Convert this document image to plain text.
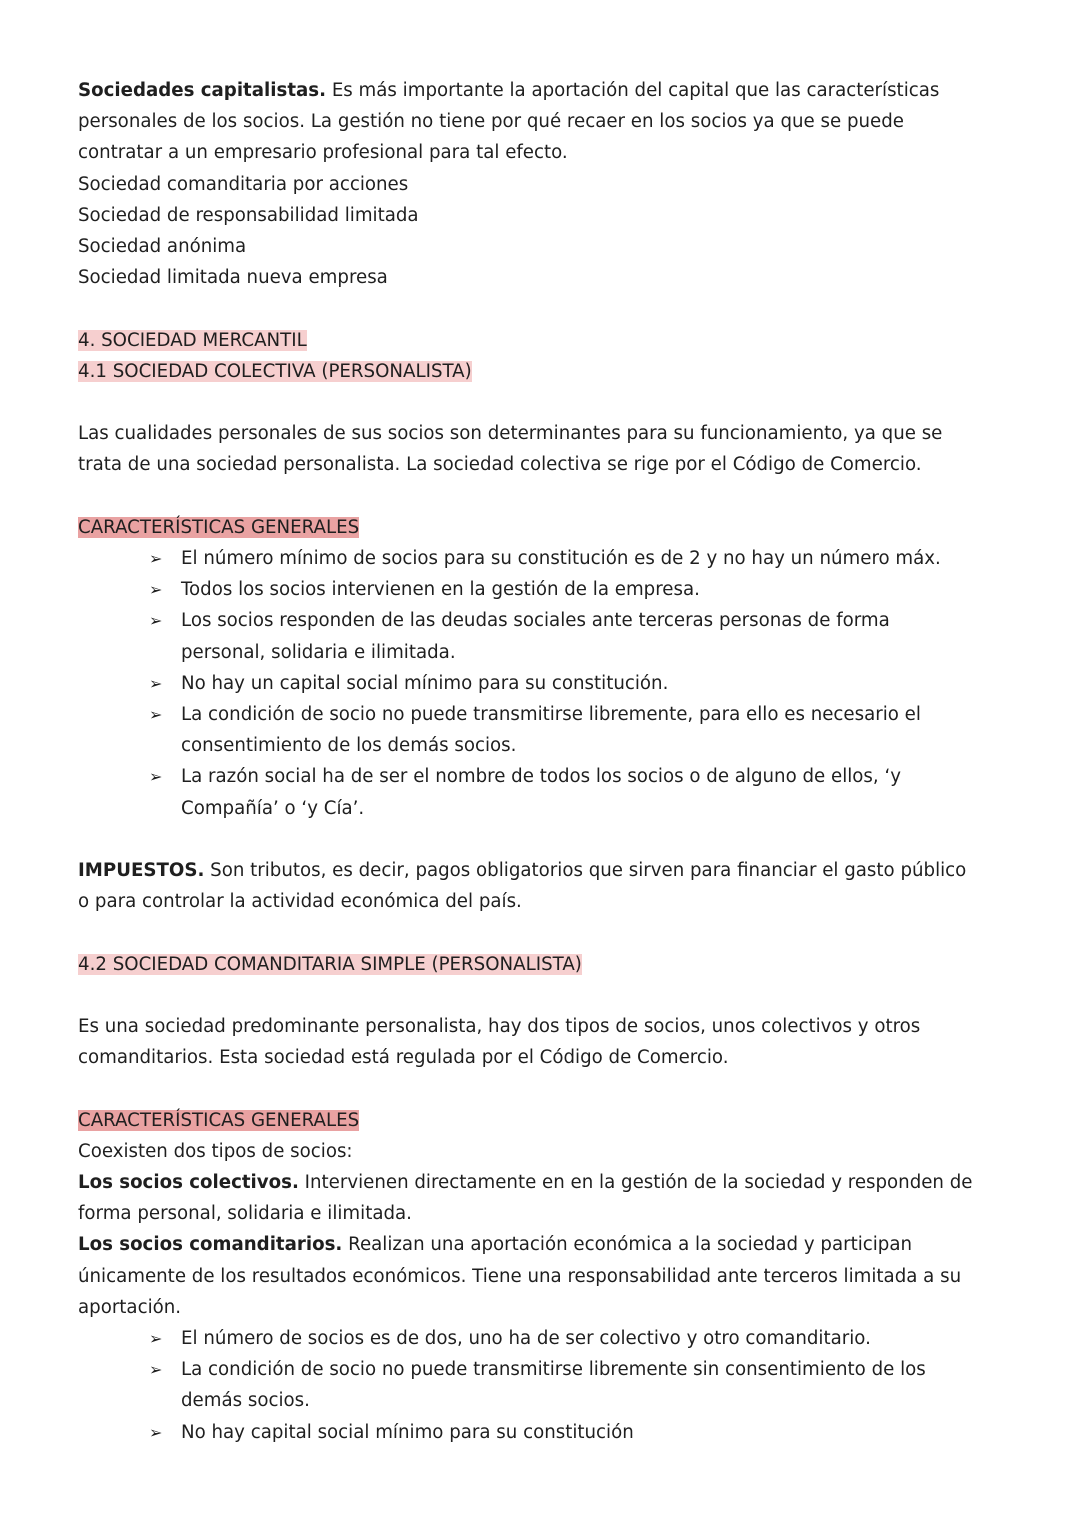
Sociedades capitalistas. Es más importante la aportación del capital que las características personales de los socios. La gestión no tiene por qué recaer en los socios ya que se puede contratar a un empresario profesional para tal efecto.

Sociedad comanditaria por acciones

Sociedad de responsabilidad limitada

Sociedad anónima

Sociedad limitada nueva empresa

4. SOCIEDAD MERCANTIL

4.1 SOCIEDAD COLECTIVA (PERSONALISTA)

Las cualidades personales de sus socios son determinantes para su funcionamiento, ya que se trata de una sociedad personalista. La sociedad colectiva se rige por el Código de Comercio.

CARACTERÍSTICAS GENERALES

➢ El número mínimo de socios para su constitución es de 2 y no hay un número máx.
➢ Todos los socios intervienen en la gestión de la empresa.
➢ Los socios responden de las deudas sociales ante terceras personas de forma personal, solidaria e ilimitada.
➢ No hay un capital social mínimo para su constitución.
➢ La condición de socio no puede transmitirse libremente, para ello es necesario el consentimiento de los demás socios.
➢ La razón social ha de ser el nombre de todos los socios o de alguno de ellos, ‘y Compañía’ o ‘y Cía’.

IMPUESTOS. Son tributos, es decir, pagos obligatorios que sirven para financiar el gasto público o para controlar la actividad económica del país.

4.2 SOCIEDAD COMANDITARIA SIMPLE (PERSONALISTA)

Es una sociedad predominante personalista, hay dos tipos de socios, unos colectivos y otros comanditarios. Esta sociedad está regulada por el Código de Comercio.

CARACTERÍSTICAS GENERALES

Coexisten dos tipos de socios:

Los socios colectivos. Intervienen directamente en en la gestión de la sociedad y responden de forma personal, solidaria e ilimitada.

Los socios comanditarios. Realizan una aportación económica a la sociedad y participan únicamente de los resultados económicos. Tiene una responsabilidad ante terceros limitada a su aportación.

➢ El número de socios es de dos, uno ha de ser colectivo y otro comanditario.
➢ La condición de socio no puede transmitirse libremente sin consentimiento de los demás socios.
➢ No hay capital social mínimo para su constitución
